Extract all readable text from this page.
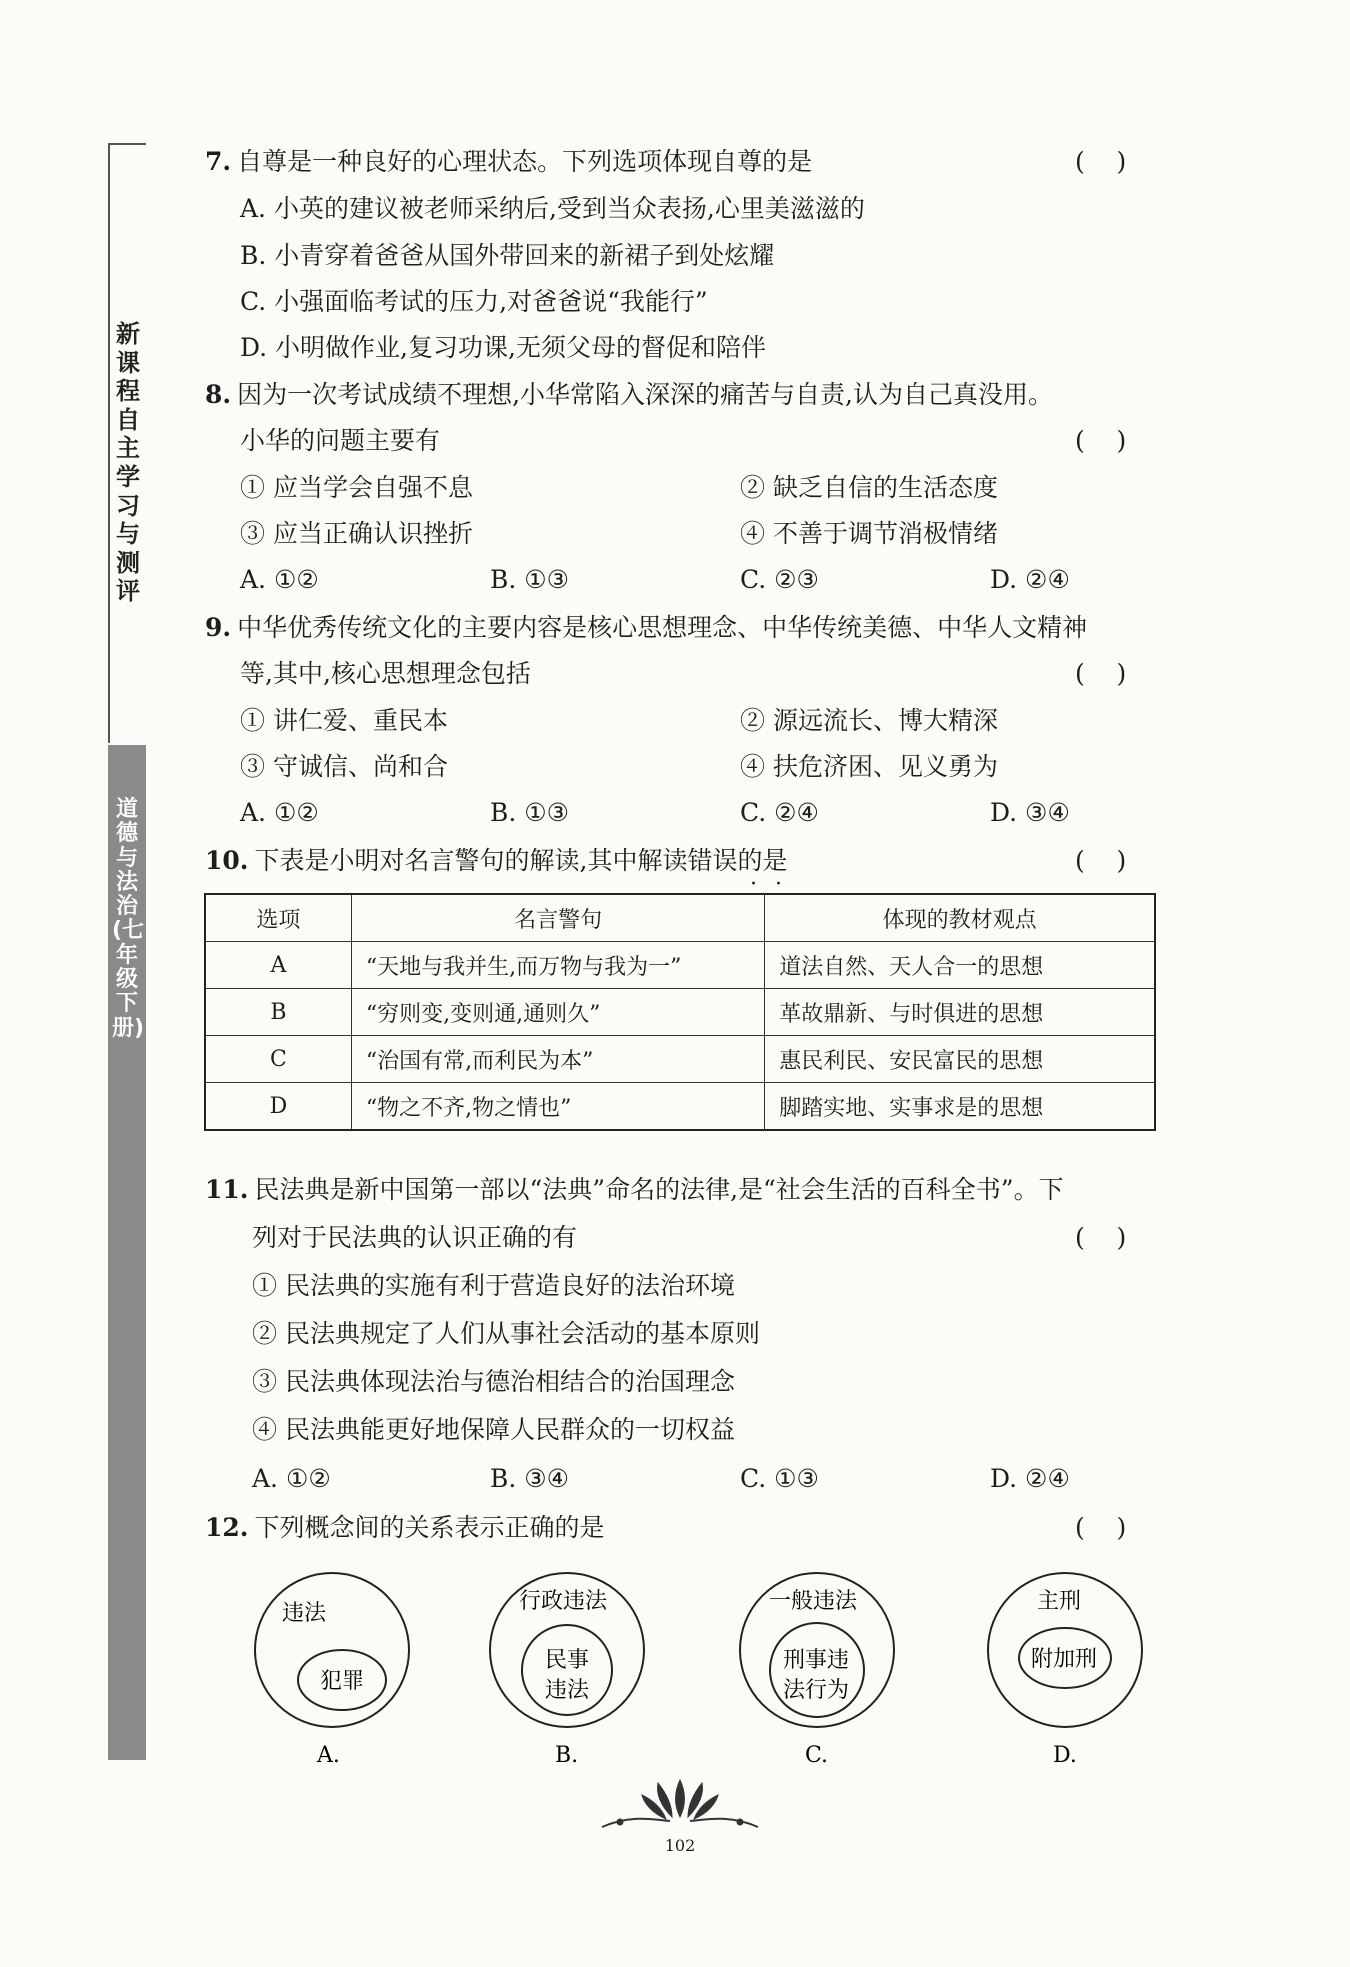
新课程自主学习与测评
道德与法治(七年级下册)
7. 自尊是一种良好的心理状态。下列选项体现自尊的是	(    )
A. 小英的建议被老师采纳后,受到当众表扬,心里美滋滋的
B. 小青穿着爸爸从国外带回来的新裙子到处炫耀
C. 小强面临考试的压力,对爸爸说“我能行”
D. 小明做作业,复习功课,无须父母的督促和陪伴
8. 因为一次考试成绩不理想,小华常陷入深深的痛苦与自责,认为自己真没用。
小华的问题主要有	(    )
① 应当学会自强不息	② 缺乏自信的生活态度
③ 应当正确认识挫折	④ 不善于调节消极情绪
A. ①②	B. ①③	C. ②③	D. ②④
9. 中华优秀传统文化的主要内容是核心思想理念、中华传统美德、中华人文精神
等,其中,核心思想理念包括	(    )
① 讲仁爱、重民本	② 源远流长、博大精深
③ 守诚信、尚和合	④ 扶危济困、见义勇为
A. ①②	B. ①③	C. ②④	D. ③④
10. 下表是小明对名言警句的解读,其中解读错误的是
··
(    )
选项	名言警句	体现的教材观点
A	“天地与我并生,而万物与我为一”	道法自然、天人合一的思想
B	“穷则变,变则通,通则久”	革故鼎新、与时俱进的思想
C	“治国有常,而利民为本”	惠民利民、安民富民的思想
D	“物之不齐,物之情也”	脚踏实地、实事求是的思想
11. 民法典是新中国第一部以“法典”命名的法律,是“社会生活的百科全书”。下
列对于民法典的认识正确的有	(    )
① 民法典的实施有利于营造良好的法治环境
② 民法典规定了人们从事社会活动的基本原则
③ 民法典体现法治与德治相结合的治国理念
④ 民法典能更好地保障人民群众的一切权益
A. ①②	B. ③④	C. ①③	D. ②④
12. 下列概念间的关系表示正确的是	(    )
违法
犯罪
A.
行政违法
民事
违法
B.
一般违法
刑事违
法行为
C.
主刑
附加刑
D.
102
